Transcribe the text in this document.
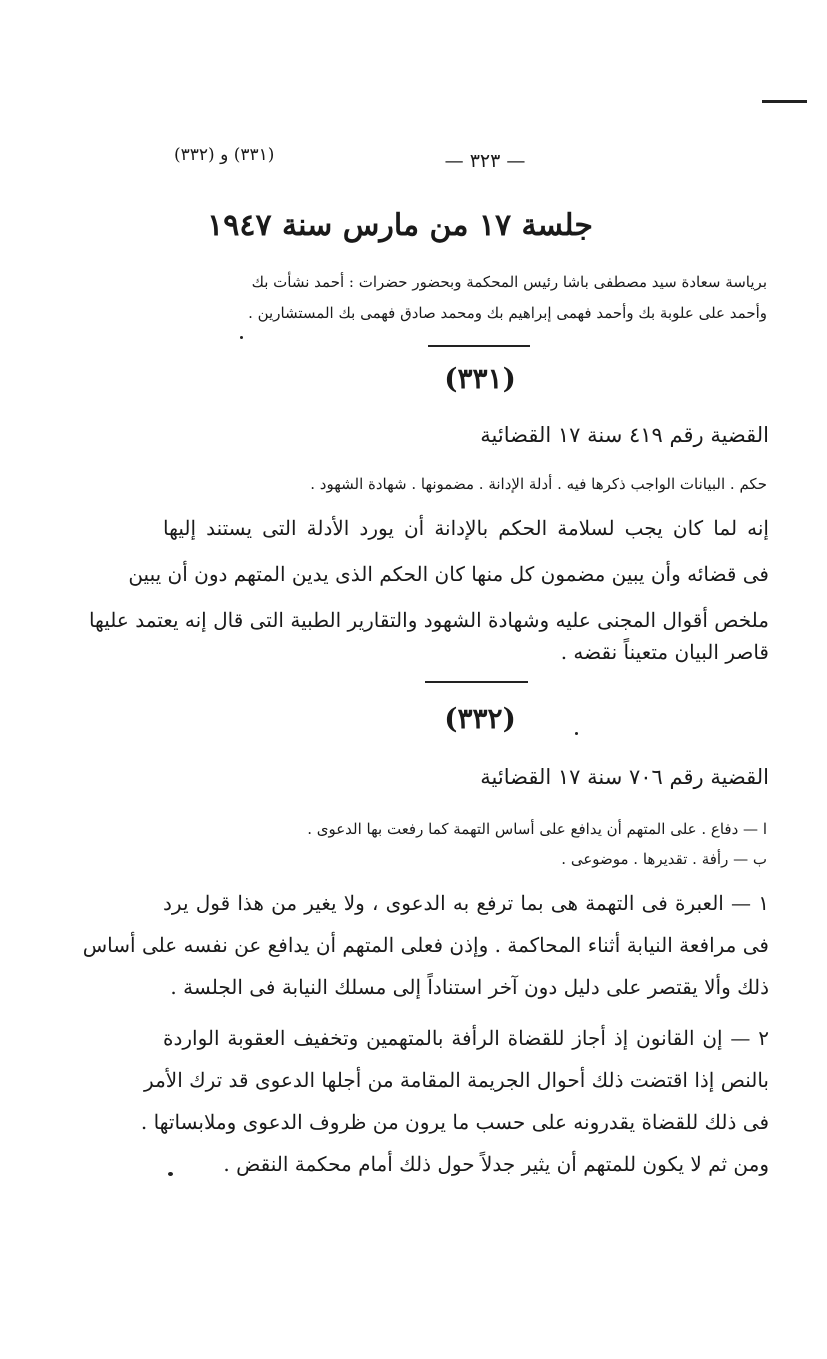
(٣٣١) و (٣٣٢)	— ٣٢٣ —
جلسة ١٧ من مارس سنة ١٩٤٧
برياسة سعادة سيد مصطفى باشا رئيس المحكمة وبحضور حضرات : أحمد نشأت بك
وأحمد على علوبة بك وأحمد فهمى إبراهيم بك ومحمد صادق فهمى بك المستشارين .
(٣٣١)
القضية رقم ٤١٩ سنة ١٧ القضائية
حكم . البيانات الواجب ذكرها فيه . أدلة الإدانة . مضمونها . شهادة الشهود .
إنه لما كان يجب لسلامة الحكم بالإدانة أن يورد الأدلة التى يستند إليها
فى قضائه وأن يبين مضمون كل منها كان الحكم الذى يدين المتهم دون أن يبين
ملخص أقوال المجنى عليه وشهادة الشهود والتقارير الطبية التى قال إنه يعتمد عليها
قاصر البيان متعيناً نقضه .
(٣٣٢)
القضية رقم ٧٠٦ سنة ١٧ القضائية
ا — دفاع . على المتهم أن يدافع على أساس التهمة كما رفعت بها الدعوى .
ب — رأفة . تقديرها . موضوعى .
١ — العبرة فى التهمة هى بما ترفع به الدعوى ، ولا يغير من هذا قول يرد
فى مرافعة النيابة أثناء المحاكمة . وإذن فعلى المتهم أن يدافع عن نفسه على أساس
ذلك وألا يقتصر على دليل دون آخر استناداً إلى مسلك النيابة فى الجلسة .
٢ — إن القانون إذ أجاز للقضاة الرأفة بالمتهمين وتخفيف العقوبة الواردة
بالنص إذا اقتضت ذلك أحوال الجريمة المقامة من أجلها الدعوى قد ترك الأمر
فى ذلك للقضاة يقدرونه على حسب ما يرون من ظروف الدعوى وملابساتها .
ومن ثم لا يكون للمتهم أن يثير جدلاً حول ذلك أمام محكمة النقض .
